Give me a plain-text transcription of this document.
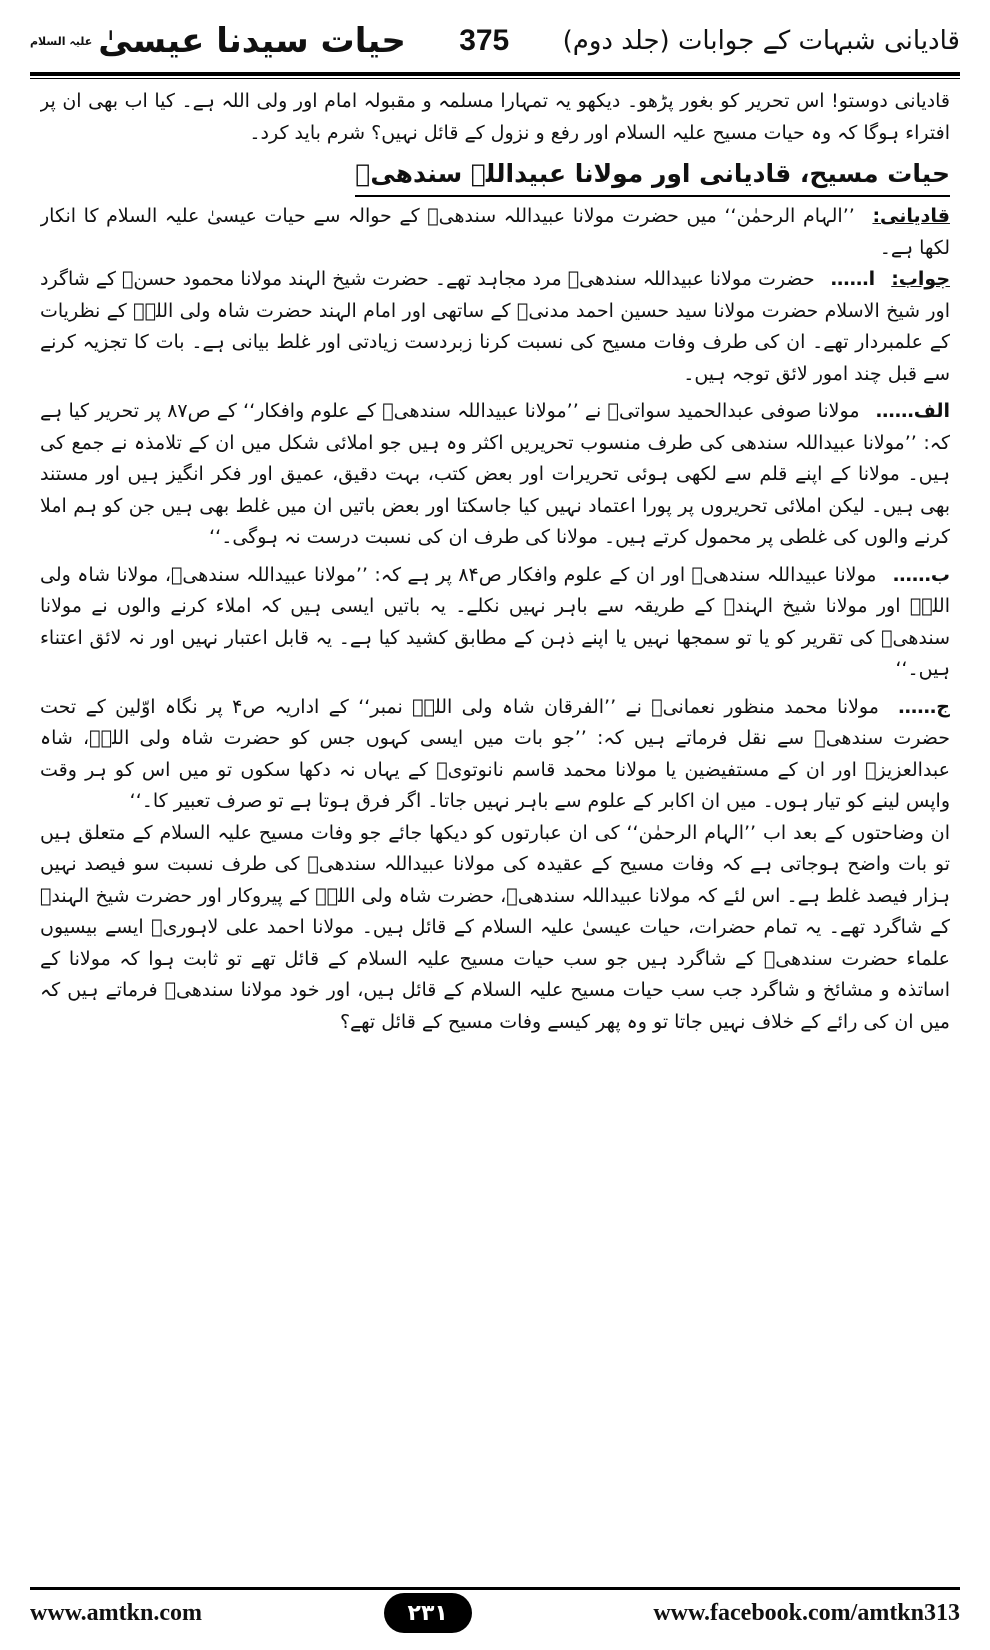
علیہ السلام حیات سیدنا عیسیٰ 375 قادیانی شبہات کے جوابات (جلد دوم)

قادیانی دوستو! اس تحریر کو بغور پڑھو۔ دیکھو یہ تمہارا مسلمہ و مقبولہ امام اور ولی اللہ ہے۔ کیا اب بھی ان پر افتراء ہوگا کہ وہ حیات مسیح علیہ السلام اور رفع و نزول کے قائل نہیں؟ شرم باید کرد۔

حیات مسیح، قادیانی اور مولانا عبیداللہ سندھیؒ

قادیانی: ’’الہام الرحمٰن‘‘ میں حضرت مولانا عبیداللہ سندھیؒ کے حوالہ سے حیات عیسیٰ علیہ السلام کا انکار لکھا ہے۔

جواب: ا…… حضرت مولانا عبیداللہ سندھیؒ مرد مجاہد تھے۔ حضرت شیخ الہند مولانا محمود حسنؒ کے شاگرد اور شیخ الاسلام حضرت مولانا سید حسین احمد مدنیؒ کے ساتھی اور امام الہند حضرت شاہ ولی اللہؒ کے نظریات کے علمبردار تھے۔ ان کی طرف وفات مسیح کی نسبت کرنا زبردست زیادتی اور غلط بیانی ہے۔ بات کا تجزیہ کرنے سے قبل چند امور لائق توجہ ہیں۔

الف…… مولانا صوفی عبدالحمید سواتیؒ نے ’’مولانا عبیداللہ سندھیؒ کے علوم وافکار‘‘ کے ص۸۷ پر تحریر کیا ہے کہ: ’’مولانا عبیداللہ سندھی کی طرف منسوب تحریریں اکثر وہ ہیں جو املائی شکل میں ان کے تلامذہ نے جمع کی ہیں۔ مولانا کے اپنے قلم سے لکھی ہوئی تحریرات اور بعض کتب، بہت دقیق، عمیق اور فکر انگیز ہیں اور مستند بھی ہیں۔ لیکن املائی تحریروں پر پورا اعتماد نہیں کیا جاسکتا اور بعض باتیں ان میں غلط بھی ہیں جن کو ہم املا کرنے والوں کی غلطی پر محمول کرتے ہیں۔ مولانا کی طرف ان کی نسبت درست نہ ہوگی۔‘‘

ب…… مولانا عبیداللہ سندھیؒ اور ان کے علوم وافکار ص۸۴ پر ہے کہ: ’’مولانا عبیداللہ سندھیؒ، مولانا شاہ ولی اللہؒ اور مولانا شیخ الہندؒ کے طریقہ سے باہر نہیں نکلے۔ یہ باتیں ایسی ہیں کہ املاء کرنے والوں نے مولانا سندھیؒ کی تقریر کو یا تو سمجھا نہیں یا اپنے ذہن کے مطابق کشید کیا ہے۔ یہ قابل اعتبار نہیں اور نہ لائق اعتناء ہیں۔‘‘

ج…… مولانا محمد منظور نعمانیؒ نے ’’الفرقان شاہ ولی اللہؒ نمبر‘‘ کے اداریہ ص۴ پر نگاہ اوّلین کے تحت حضرت سندھیؒ سے نقل فرماتے ہیں کہ: ’’جو بات میں ایسی کہوں جس کو حضرت شاہ ولی اللہؒ، شاہ عبدالعزیزؒ اور ان کے مستفیضین یا مولانا محمد قاسم نانوتویؒ کے یہاں نہ دکھا سکوں تو میں اس کو ہر وقت واپس لینے کو تیار ہوں۔ میں ان اکابر کے علوم سے باہر نہیں جاتا۔ اگر فرق ہوتا ہے تو صرف تعبیر کا۔‘‘

ان وضاحتوں کے بعد اب ’’الہام الرحمٰن‘‘ کی ان عبارتوں کو دیکھا جائے جو وفات مسیح علیہ السلام کے متعلق ہیں تو بات واضح ہوجاتی ہے کہ وفات مسیح کے عقیدہ کی مولانا عبیداللہ سندھیؒ کی طرف نسبت سو فیصد نہیں ہزار فیصد غلط ہے۔ اس لئے کہ مولانا عبیداللہ سندھیؒ، حضرت شاہ ولی اللہؒ کے پیروکار اور حضرت شیخ الہندؒ کے شاگرد تھے۔ یہ تمام حضرات، حیات عیسیٰ علیہ السلام کے قائل ہیں۔ مولانا احمد علی لاہوریؒ ایسے بیسیوں علماء حضرت سندھیؒ کے شاگرد ہیں جو سب حیات مسیح علیہ السلام کے قائل تھے تو ثابت ہوا کہ مولانا کے اساتذہ و مشائخ و شاگرد جب سب حیات مسیح علیہ السلام کے قائل ہیں، اور خود مولانا سندھیؒ فرماتے ہیں کہ میں ان کی رائے کے خلاف نہیں جاتا تو وہ پھر کیسے وفات مسیح کے قائل تھے؟

www.amtkn.com	۲۳۱	www.facebook.com/amtkn313
